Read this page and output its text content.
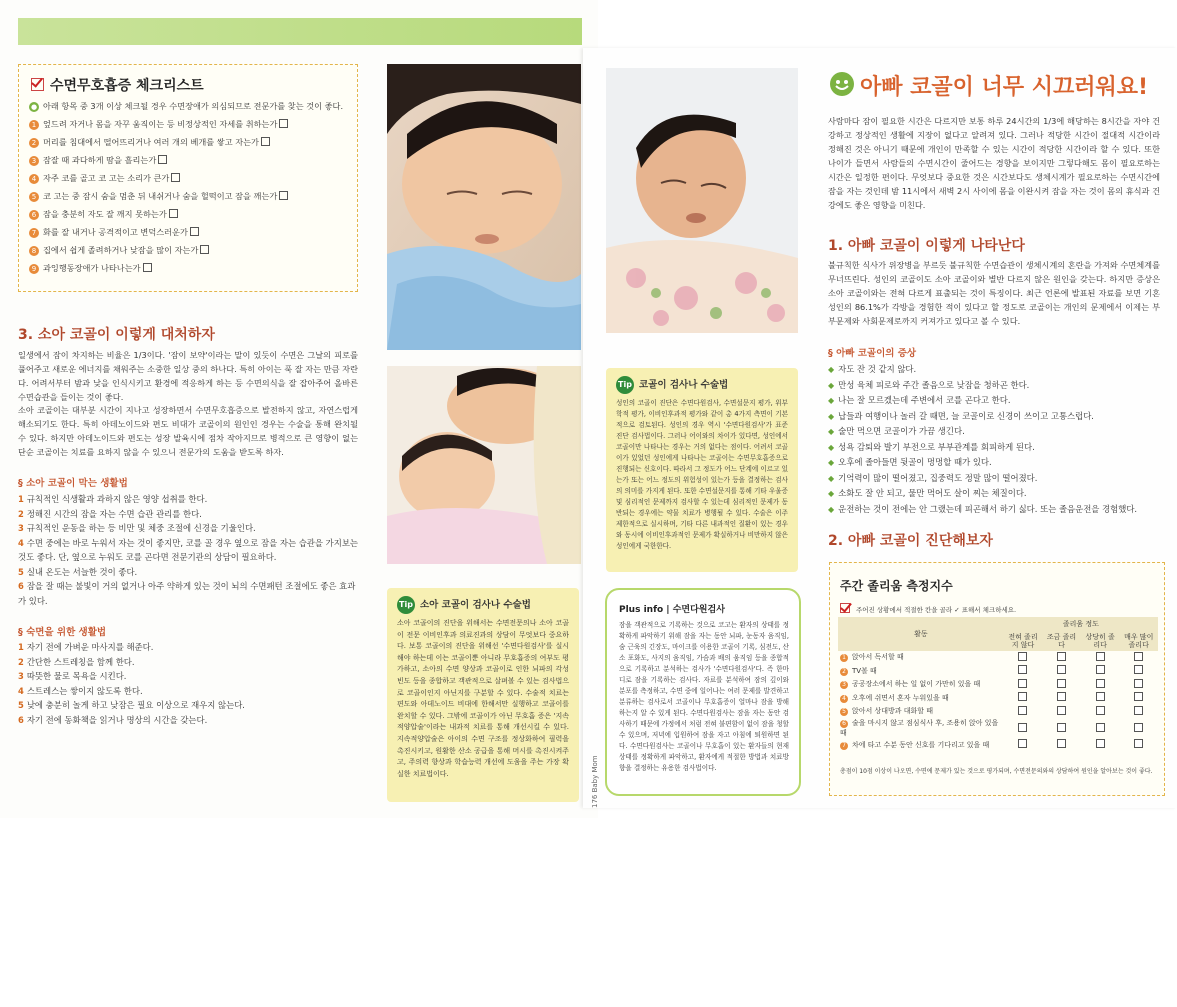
수면무호흡증 체크리스트
● 아래 항목 중 3개 이상 체크될 경우 수면장애가 의심되므로 전문가를 찾는 것이 좋다.
1 엎드려 자거나 몸을 자꾸 움직이는 등 비정상적인 자세를 취하는가
2 머리를 침대에서 떨어뜨리거나 여러 개의 베개를 쌓고 자는가
3 잠잘 때 과다하게 땀을 흘리는가
4 자주 코를 골고 코 고는 소리가 큰가
5 코 고는 중 잠시 숨을 멈춘 뒤 내쉬거나 숨을 헐떡이고 잠을 깨는가
6 잠을 충분히 자도 잘 깨지 못하는가
7 화를 잘 내거나 공격적이고 변덕스러운가
8 집에서 쉽게 졸려하거나 낮잠을 많이 자는가
9 과잉행동장애가 나타나는가
3. 소아 코골이 이렇게 대처하자
일생에서 잠이 차지하는 비율은 1/3이다. '잠이 보약'이라는 말이 있듯이 수면은 그날의 피로를 풀어주고 새로운 에너지를 채워주는 소중한 일상 중의 하나다. 특히 아이는 푹 잘 자는 만큼 자란다. 어려서부터 밤과 낮을 인식시키고 환경에 적응하게 하는 등 수면의식을 잘 잡아주어 올바른 수면습관을 들이는 것이 좋다.
소아 코골이는 대부분 시간이 지나고 성장하면서 수면무호흡증으로 발전하지 않고, 자연스럽게 해소되기도 한다. 특히 아데노이드와 편도 비대가 코골이의 원인인 경우는 수술을 통해 완치될 수 있다. 하지만 아데노이드와 편도는 성장 발육시에 점차 작아지므로 병적으로 큰 영향이 없는 단순 코골이는 치료를 요하지 않을 수 있으니 전문가의 도움을 받도록 하자.
§ 소아 코골이 막는 생활법
1 규칙적인 식생활과 과하지 않은 영양 섭취를 한다.
2 정해진 시간의 잠을 자는 수면 습관 관리를 한다.
3 규칙적인 운동을 하는 등 비만 및 체중 조절에 신경을 기울인다.
4 수면 중에는 바로 누워서 자는 것이 좋지만, 코를 골 경우 옆으로 잠을 자는 습관을 가지보는 것도 좋다. 단, 옆으로 누워도 코를 곤다면 전문기관의 상담이 필요하다.
5 실내 온도는 서늘한 것이 좋다.
6 잠을 잘 때는 불빛이 거의 없거나 아주 약하게 있는 것이 뇌의 수면패턴 조절에도 좋은 효과가 있다.
§ 숙면을 위한 생활법
1 자기 전에 가벼운 마사지를 해준다.
2 간단한 스트레칭을 함께 한다.
3 따뜻한 물로 목욕을 시킨다.
4 스트레스는 쌓이지 않도록 한다.
5 낮에 충분히 놀게 하고 낮잠은 필요 이상으로 재우지 않는다.
6 자기 전에 동화책을 읽거나 명상의 시간을 갖는다.
Tip 소아 코골이 검사나 수술법
소아 코골이의 진단을 위해서는 수면전문의나 소아 코골이 전문 이비인후과 의료진과의 상담이 무엇보다 중요하다. 보통 코골이의 진단을 위해선 '수면다원검사'를 실시해야 하는데 이는 코골이뿐 아니라 무호흡증의 여부도 평가하고, 소아의 수면 양상과 코골이로 인한 뇌파의 각성 빈도 등을 종합하고 객관적으로 살펴볼 수 있는 검사법으로 코골이인지 아닌지를 구분할 수 있다. 수술적 치료는 편도와 아데노이드 비대에 한해서만 실행하고 코골이를 완치할 수 있다. 그밖에 코골이가 아닌 무호흡 증은 '지속적양압술'이라는 내과적 치료를 통해 개선시킬 수 있다. 지속적양압술은 아이의 수면 구조를 정상화하여 필력을 촉진시키고, 원활한 산소 공급을 통해 머시를 촉진시켜주고, 주의력 향상과 학습능력 개선에 도움을 주는 가장 확실한 치료법이다.
아빠 코골이 너무 시끄러워요!
사람마다 잠이 필요한 시간은 다르지만 보통 하루 24시간의 1/3에 해당하는 8시간을 자야 건강하고 정상적인 생활에 지장이 없다고 알려져 있다. 그러나 적당한 시간이 절대적 시간이라 정해진 것은 아니기 때문에 개인이 만족할 수 있는 시간이 적당한 시간이라 할 수 있다. 또한 나이가 들면서 사람들의 수면시간이 줄어드는 경향을 보이지만 그렇다해도 몸이 필요로하는 시간은 일정한 편이다. 무엇보다 중요한 것은 시간보다도 생체시계가 필요로하는 수면시간에 잠을 자는 것인데 밤 11시에서 새벽 2시 사이에 몸을 이완시켜 잠을 자는 것이 몸의 휴식과 건강에도 좋은 영향을 미친다.
1. 아빠 코골이 이렇게 나타난다
불규칙한 식사가 위장병을 부르듯 불규칙한 수면습관이 생체시계의 혼란을 가져와 수면체계를 무너뜨린다. 성인의 코골이도 소아 코골이와 별반 다르지 않은 원인을 갖는다. 하지만 증상은 소아 코골이와는 전혀 다르게 표출되는 것이 특징이다. 최근 언론에 발표된 자료를 보면 기혼 성인의 86.1%가 각방을 경험한 적이 있다고 할 정도로 코골이는 개인의 문제에서 이제는 부부문제와 사회문제로까지 커져가고 있다고 볼 수 있다.
§ 아빠 코골이의 증상
◆ 자도 잔 것 같지 않다.
◆ 만성 육체 피로와 주간 졸음으로 낮잠을 청하곤 한다.
◆ 나는 잘 모르겠는데 주변에서 코를 곤다고 한다.
◆ 납들과 여행이나 놀러 갈 때면, 늘 코골이로 신경이 쓰이고 고통스럽다.
◆ 술만 먹으면 코골이가 가끔 생긴다.
◆ 성욕 감퇴와 발기 부전으로 부부관계를 회피하게 된다.
◆ 오후에 졸아들면 뒷골이 멍멍할 때가 있다.
◆ 기억력이 많이 떨어졌고, 집중력도 정말 많이 떨어졌다.
◆ 소화도 잘 안 되고, 물만 먹어도 살이 찌는 체질이다.
◆ 운전하는 것이 전에는 안 그랬는데 피곤해서 하기 싫다. 또는 졸음운전을 경험했다.
2. 아빠 코골이 진단해보자
Tip 코골이 검사나 수술법
성인의 코골이 진단은 수면다원검사, 수면설문지 평가, 위부학적 평가, 이비인후과적 평가와 같이 총 4가지 측면이 기본적으로 검토된다. 성인의 경우 역시 '수면다원검사'가 표준 진단 검사법이다. 그러나 어이와의 차이가 있다면, 성인에서 코골이만 나타나는 경우는 거의 없다는 점이다. 어려서 코골이가 있었던 성인에게 나타나는 코골이는 수면무호흡증으로 진행되는 신호이다. 따라서 그 정도가 어느 단계에 이르고 있는가 또는 어느 정도의 위험성이 있는가 등을 결정하는 검사의 의미를 가지게 된다. 또한 수면설문지를 통해 기타 우울증 및 심리적인 문제까지 검사할 수 있는데 심리적인 문제가 동반되는 경우에는 약물 치료가 병행될 수 있다. 수술은 이주 제한적으로 실시하며, 기타 다른 내과적인 질환이 있는 경우와 동시에 이비인후과적인 문제가 확실하거나 비만하지 않은 성인에게 국한한다.
Plus info | 수면다원검사
잠을 객관적으로 기록하는 것으로 코고는 환자의 상태를 정확하게 파악하기 위해 잠을 자는 동안 뇌파, 눈동자 움직임, 숨 근육의 긴장도, 마이크를 이용한 코골이 기록, 심전도, 산소 포화도, 사지의 움직임, 가슴과 배의 움직임 등을 종합적으로 기록하고 분석하는 검사가 '수면다원검사'다. 즉 한마디로 잠을 기록하는 검사다. 자료를 분석하여 잠의 깊이와 분포를 측정하고, 수면 중에 일어나는 여러 문제를 발견하고 분류하는 검사로서 코골이나 무호흡증이 얼마나 잠을 방해하는지 알 수 있게 된다. 수면다원검사는 잠을 자는 동안 검사하기 때문에 가정에서 처럼 전혀 불편함이 없이 잠을 청할 수 있으며, 저녁에 입원하여 잠을 자고 아침에 퇴원하면 된다. 수면다원검사는 코골이나 무호흡이 있는 환자들의 현재 상태를 정확하게 파악하고, 환자에게 적절한 방법과 치료방향을 결정하는 유용한 검사법이다.
176 Baby Mom
주간 졸리움 측정지수
주어진 상황에서 적절한 칸을 골라 ✓ 표해서 체크하세요.
활동	졸리움 정도			
	전혀 졸리지 않다	조금 졸리다	상당히 졸리다	매우 많이 졸리다
1 앉아서 독서할 때				
2 TV볼 때				
3 공공장소에서 하는 일 없이 가만히 있을 때				
4 오후에 쉬면서 혼자 누워있을 때				
5 앉아서 상대방과 대화할 때				
6 술을 마시지 않고 점심식사 후, 조용히 앉아 있을 때				
7 차에 타고 수분 동안 신호를 기다리고 있을 때				
총점이 10점 이상이 나오면, 수면에 문제가 있는 것으로 평가되며, 수면전문의와의 상담하여 원인을 알아보는 것이 좋다.
